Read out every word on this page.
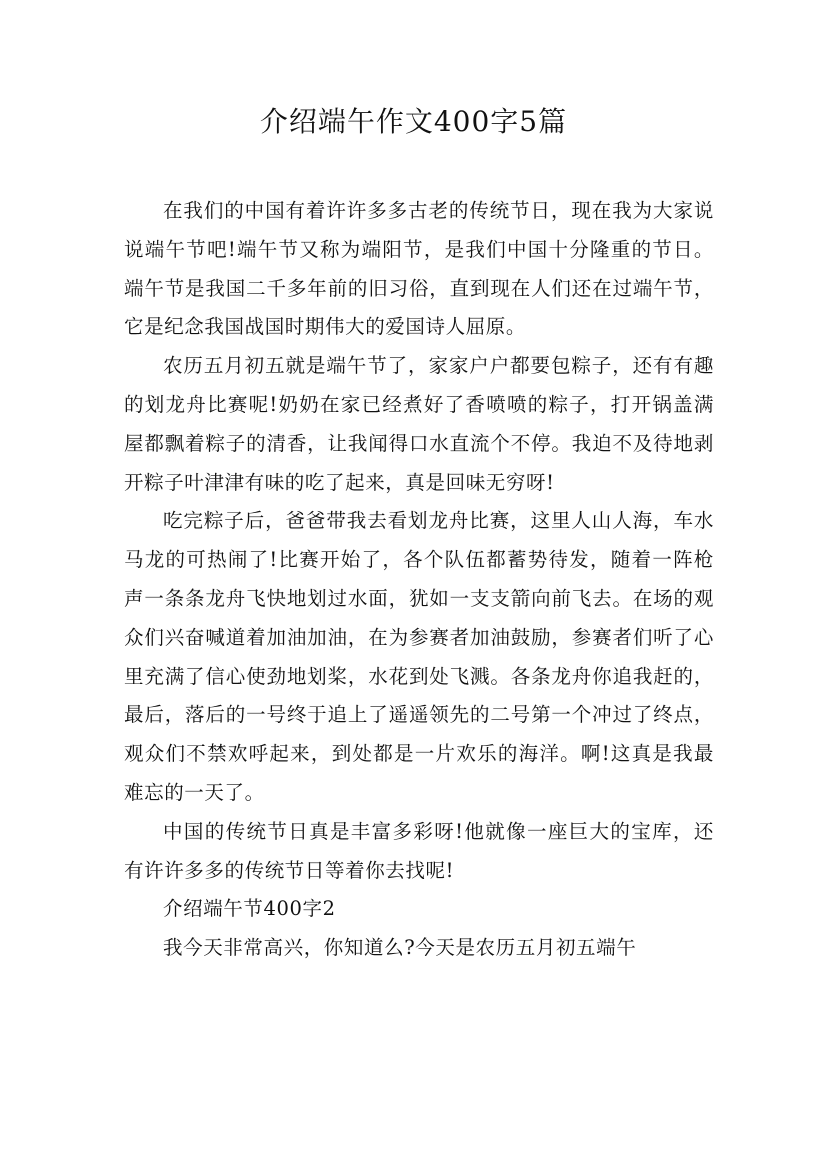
介绍端午作文400字5篇

在我们的中国有着许许多多古老的传统节日，现在我为大家说说端午节吧!端午节又称为端阳节，是我们中国十分隆重的节日。端午节是我国二千多年前的旧习俗，直到现在人们还在过端午节，它是纪念我国战国时期伟大的爱国诗人屈原。

农历五月初五就是端午节了，家家户户都要包粽子，还有有趣的划龙舟比赛呢!奶奶在家已经煮好了香喷喷的粽子，打开锅盖满屋都飘着粽子的清香，让我闻得口水直流个不停。我迫不及待地剥开粽子叶津津有味的吃了起来，真是回味无穷呀!

吃完粽子后，爸爸带我去看划龙舟比赛，这里人山人海，车水马龙的可热闹了!比赛开始了，各个队伍都蓄势待发，随着一阵枪声一条条龙舟飞快地划过水面，犹如一支支箭向前飞去。在场的观众们兴奋喊道着加油加油，在为参赛者加油鼓励，参赛者们听了心里充满了信心使劲地划桨，水花到处飞溅。各条龙舟你追我赶的，最后，落后的一号终于追上了遥遥领先的二号第一个冲过了终点，观众们不禁欢呼起来，到处都是一片欢乐的海洋。啊!这真是我最难忘的一天了。

中国的传统节日真是丰富多彩呀!他就像一座巨大的宝库，还有许许多多的传统节日等着你去找呢!

介绍端午节400字2

我今天非常高兴，你知道么?今天是农历五月初五端午
